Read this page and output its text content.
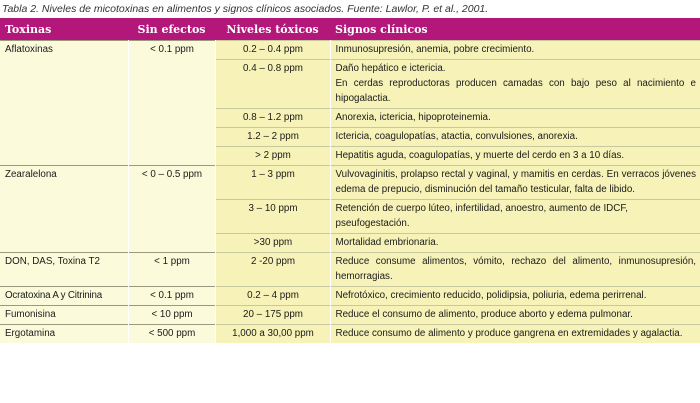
Tabla 2. Niveles de micotoxinas en alimentos y signos clínicos asociados. Fuente: Lawlor, P. et al., 2001.
Toxinas	Sin efectos	Niveles tóxicos	Signos clínicos
Aflatoxinas	< 0.1 ppm	0.2 – 0.4 ppm	Inmunosupresión, anemia, pobre crecimiento.
		0.4 – 0.8 ppm	Daño hepático e ictericia.
En cerdas reproductoras producen camadas con bajo peso al nacimiento e hipogalactia.

		0.8 – 1.2 ppm	Anorexia, ictericia, hipoproteinemia.
		1.2 – 2 ppm	Ictericia, coagulopatías, atactia, convulsiones, anorexia.
		> 2 ppm	Hepatitis aguda, coagulopatías, y muerte del cerdo en 3 a 10 días.
Zearalelona	< 0 – 0.5 ppm	1 – 3 ppm	Vulvovaginitis, prolapso rectal y vaginal, y mamitis en cerdas. En verracos jóvenes edema de prepucio, disminución del tamaño testicular, falta de libido.
		3 – 10 ppm	Retención de cuerpo lúteo, infertilidad, anoestro, aumento de IDCF, pseufogestación.
		>30 ppm	Mortalidad embrionaria.
DON, DAS, Toxina T2	< 1 ppm	2 -20 ppm	Reduce consume alimentos, vómito, rechazo del alimento, inmunosupresión, hemorragias.
Ocratoxina A y Citrinina	< 0.1 ppm	0.2 – 4 ppm	Nefrotóxico, crecimiento reducido, polidipsia, poliuria, edema perirrenal.
Fumonisina	< 10 ppm	20 – 175 ppm	Reduce el consumo de alimento, produce aborto y edema pulmonar.
Ergotamina	< 500 ppm	1,000 a 30,00 ppm	Reduce consumo de alimento y produce gangrena en extremidades y agalactia.
